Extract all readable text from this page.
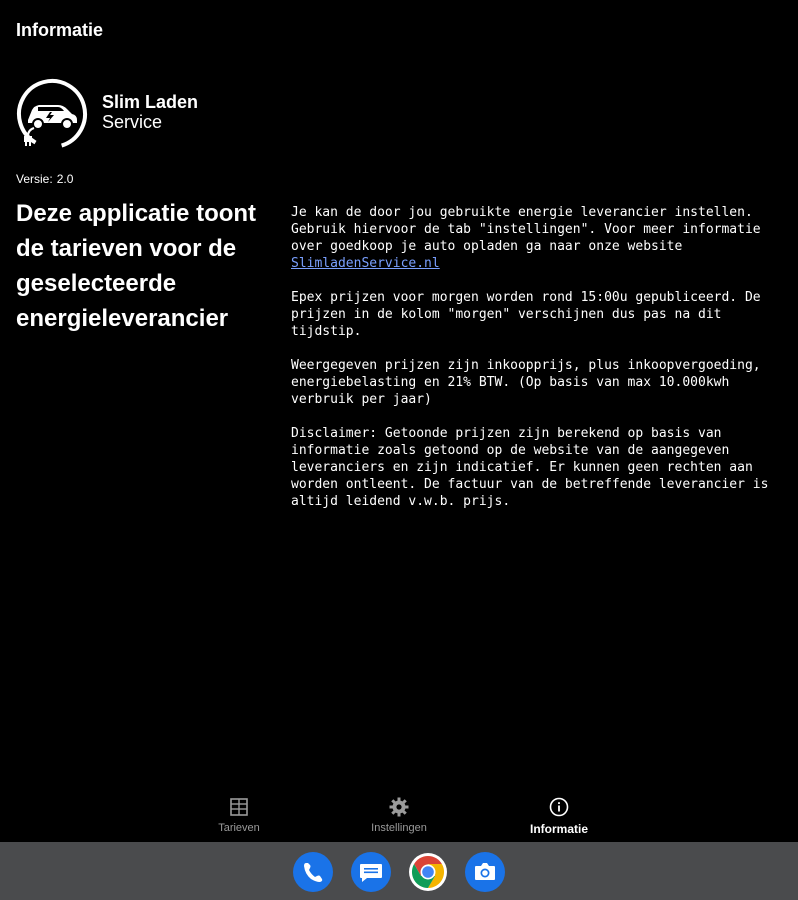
Informatie
Slim Laden
Service
Versie: 2.0
Deze applicatie toont de tarieven voor de geselecteerde energieleverancier

Je kan de door jou gebruikte energie leverancier instellen. Gebruik hiervoor de tab "instellingen". Voor meer informatie over goedkoop je auto opladen ga naar onze website SlimladenService.nl

Epex prijzen voor morgen worden rond 15:00u gepubliceerd. De prijzen in de kolom "morgen" verschijnen dus pas na dit tijdstip.

Weergegeven prijzen zijn inkoopprijs, plus inkoopvergoeding, energiebelasting en 21% BTW. (Op basis van max 10.000kwh verbruik per jaar)

Disclaimer: Getoonde prijzen zijn berekend op basis van informatie zoals getoond op de website van de aangegeven leveranciers en zijn indicatief. Er kunnen geen rechten aan worden ontleent. De factuur van de betreffende leverancier is altijd leidend v.w.b. prijs.

Tarieven	Instellingen	Informatie
